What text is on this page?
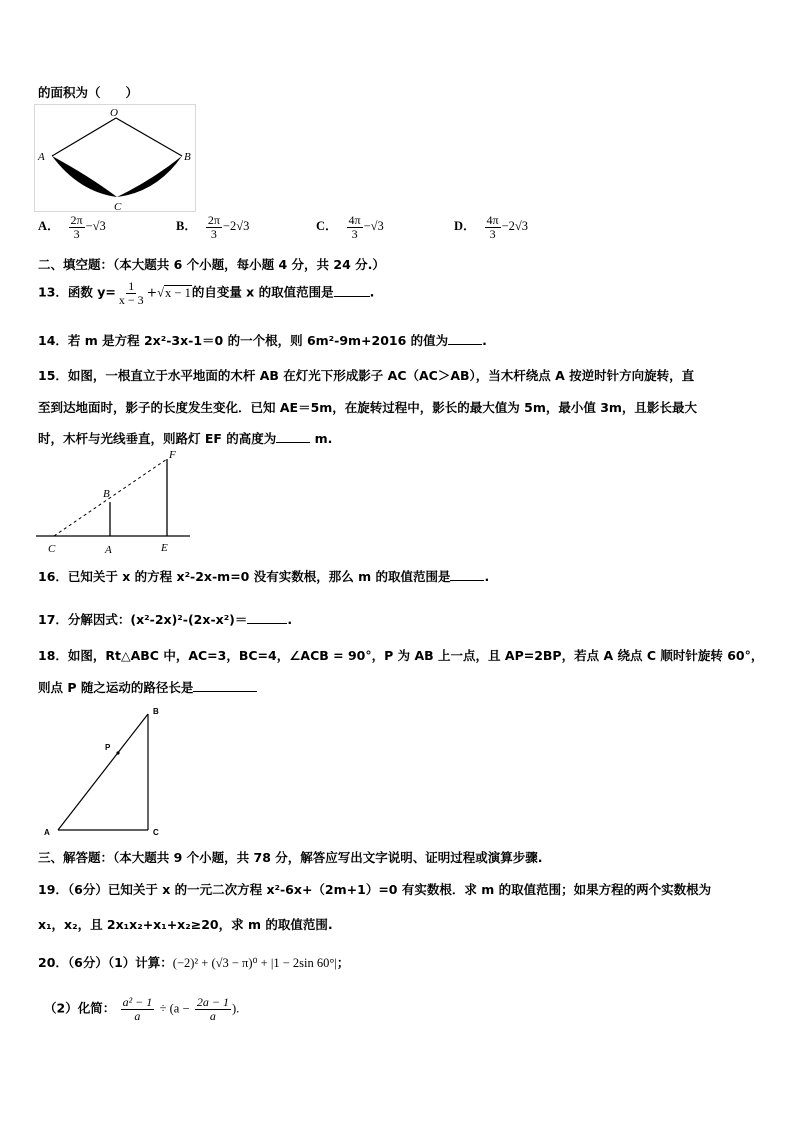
的面积为（　　）
O
A	B
C
A． $\frac{2\pi}{3} -√3$	B． $\frac{2\pi}{3} -2√3$	C． $\frac{4\pi}{3} -√3$	D． $\frac{4\pi}{3} -2√3$
二、填空题：（本大题共 6 个小题，每小题 4 分，共 24 分.）
13．函数 $y= \frac{1}{x - 3} +√x - 1$的自变量 x 的取值范围是	.
14．若 m 是方程 2x²-3x-1＝0 的一个根，则 6m²-9m+2016 的值为	.
15．如图，一根直立于水平地面的木杆 AB 在灯光下形成影子 AC（AC＞AB），当木杆绕点 A 按逆时针方向旋转，直
至到达地面时，影子的长度发生变化．已知 AE＝5m，在旋转过程中，影长的最大值为 5m，最小值 3m，且影长最大
时，木杆与光线垂直，则路灯 EF 的高度为	m.
F
B
C	A	E
16．已知关于 x 的方程 x²-2x-m=0 没有实数根，那么 m 的取值范围是	.
17．分解因式：(x²-2x)²-(2x-x²)＝	.
18．如图，Rt△ABC 中，AC=3，BC=4，∠ACB = 90°，P 为 AB 上一点，且 AP=2BP，若点 A 绕点 C 顺时针旋转 60°，
则点 P 随之运动的路径长是
B
P
A	C
三、解答题：（本大题共 9 个小题，共 78 分，解答应写出文字说明、证明过程或演算步骤.
19．（6分）已知关于 x 的一元二次方程 x²-6x+（2m+1）=0 有实数根．求 m 的取值范围；如果方程的两个实数根为
x₁，x₂，且 2x₁x₂+x₁+x₂≥20，求 m 的取值范围.
20．（6分）（1）计算：(−2)² + (√3 − π)⁰ + |1 − 2sin 60°|；
（2）化简： $\frac{\text{a² − 1}}{a} \div (a - \frac{2a - 1}{a}$ ).
